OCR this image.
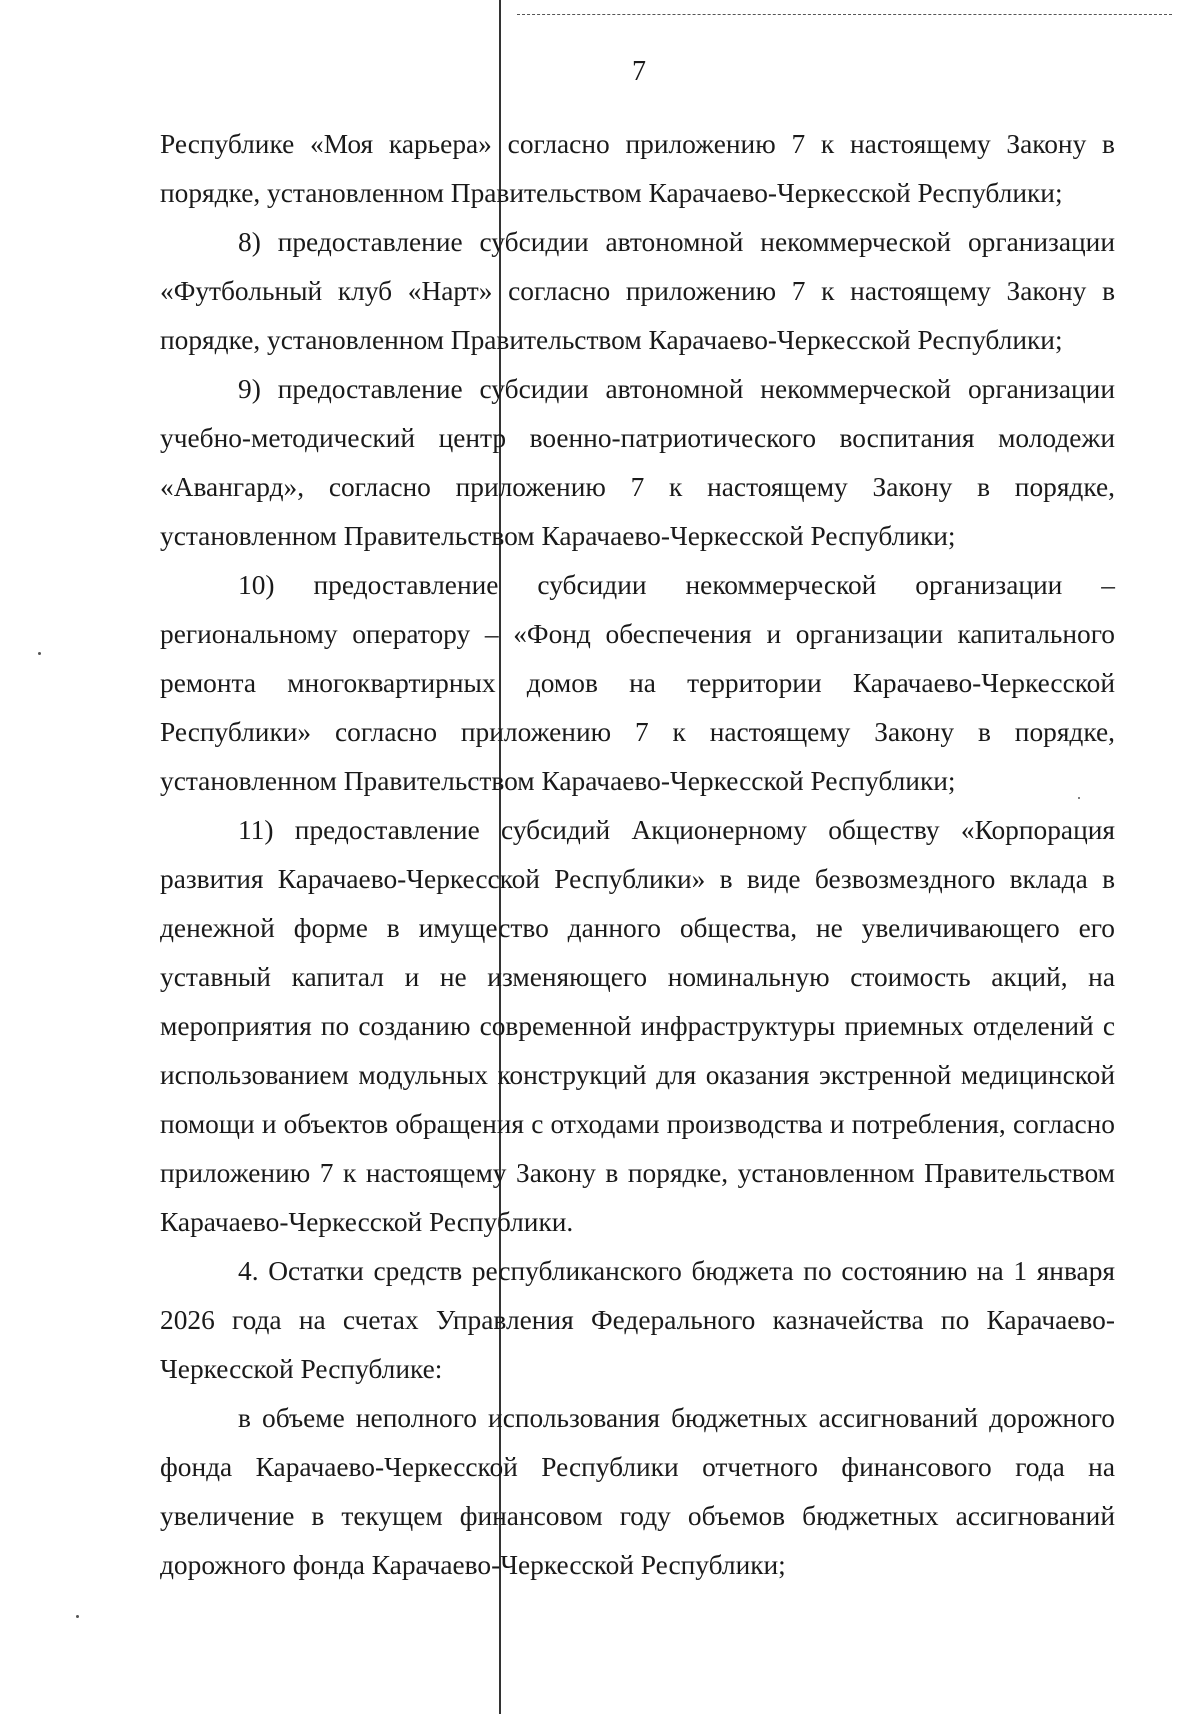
7

Республике «Моя карьера» согласно приложению 7 к настоящему Закону в порядке, установленном Правительством Карачаево-Черкесской Республики;

8) предоставление субсидии автономной некоммерческой организации «Футбольный клуб «Нарт» согласно приложению 7 к настоящему Закону в порядке, установленном Правительством Карачаево-Черкесской Республики;

9) предоставление субсидии автономной некоммерческой организации учебно-методический центр военно-патриотического воспитания молодежи «Авангард», согласно приложению 7 к настоящему Закону в порядке, установленном Правительством Карачаево-Черкесской Республики;

10) предоставление субсидии некоммерческой организации – региональному оператору – «Фонд обеспечения и организации капитального ремонта многоквартирных домов на территории Карачаево-Черкесской Республики» согласно приложению 7 к настоящему Закону в порядке, установленном Правительством Карачаево-Черкесской Республики;

11) предоставление субсидий Акционерному обществу «Корпорация развития Карачаево-Черкесской Республики» в виде безвозмездного вклада в денежной форме в имущество данного общества, не увеличивающего его уставный капитал и не изменяющего номинальную стоимость акций, на мероприятия по созданию современной инфраструктуры приемных отделений с использованием модульных конструкций для оказания экстренной медицинской помощи и объектов обращения с отходами производства и потребления, согласно приложению 7 к настоящему Закону в порядке, установленном Правительством Карачаево-Черкесской Республики.

4. Остатки средств республиканского бюджета по состоянию на 1 января 2026 года на счетах Управления Федерального казначейства по Карачаево-Черкесской Республике:

в объеме неполного использования бюджетных ассигнований дорожного фонда Карачаево-Черкесской Республики отчетного финансового года на увеличение в текущем финансовом году объемов бюджетных ассигнований дорожного фонда Карачаево-Черкесской Республики;
